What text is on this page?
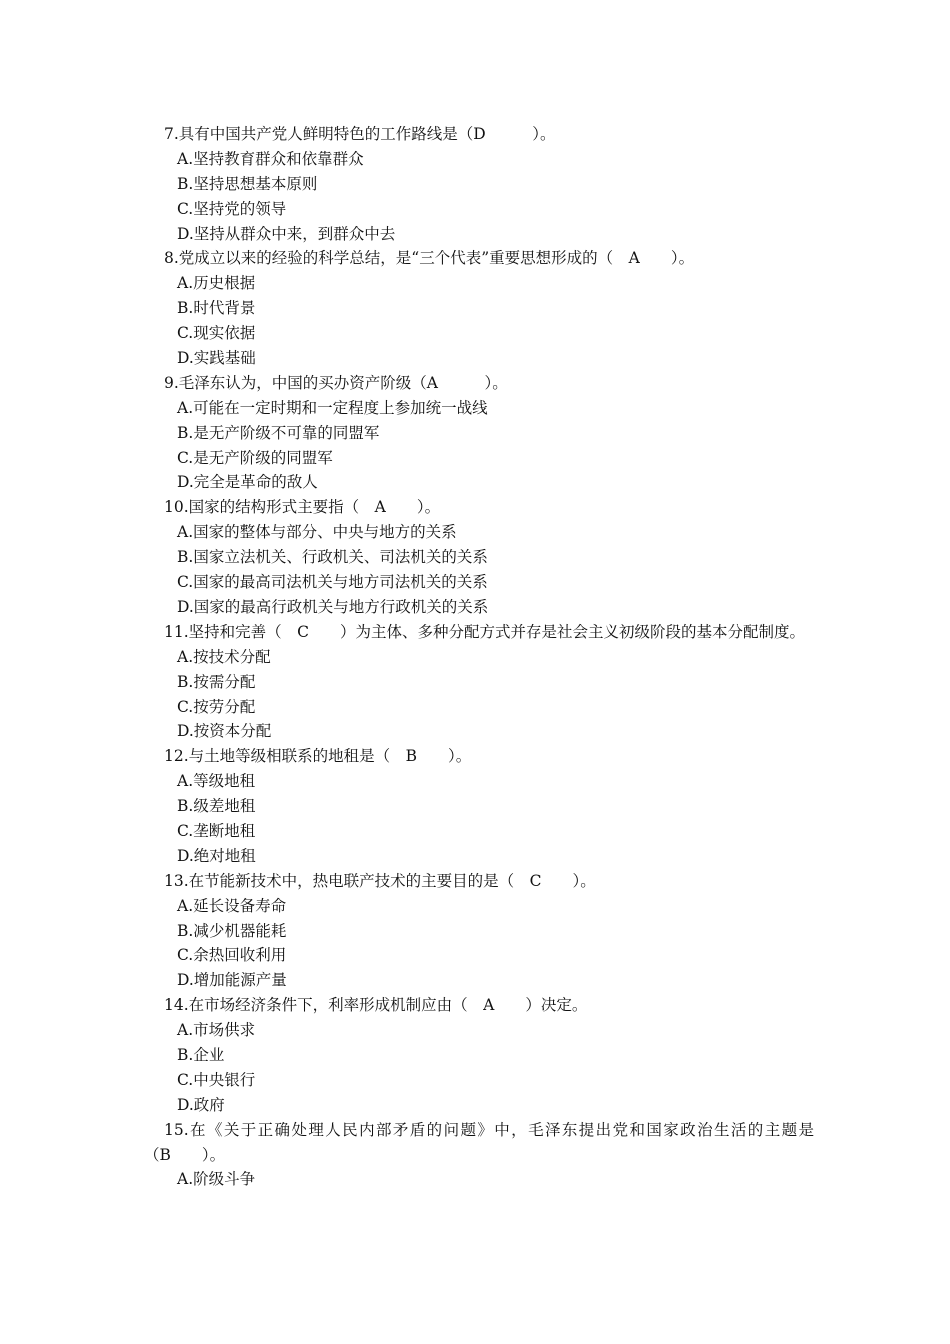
7.具有中国共产党人鲜明特色的工作路线是（D　　　）。
A.坚持教育群众和依靠群众
B.坚持思想基本原则
C.坚持党的领导
D.坚持从群众中来，到群众中去
8.党成立以来的经验的科学总结，是“三个代表”重要思想形成的（　A　　）。
A.历史根据
B.时代背景
C.现实依据
D.实践基础
9.毛泽东认为，中国的买办资产阶级（A　　　）。
A.可能在一定时期和一定程度上参加统一战线
B.是无产阶级不可靠的同盟军
C.是无产阶级的同盟军
D.完全是革命的敌人
10.国家的结构形式主要指（　A　　）。
A.国家的整体与部分、中央与地方的关系
B.国家立法机关、行政机关、司法机关的关系
C.国家的最高司法机关与地方司法机关的关系
D.国家的最高行政机关与地方行政机关的关系
11.坚持和完善（　C　　）为主体、多种分配方式并存是社会主义初级阶段的基本分配制度。
A.按技术分配
B.按需分配
C.按劳分配
D.按资本分配
12.与土地等级相联系的地租是（　B　　）。
A.等级地租
B.级差地租
C.垄断地租
D.绝对地租
13.在节能新技术中，热电联产技术的主要目的是（　C　　）。
A.延长设备寿命
B.减少机器能耗
C.余热回收利用
D.增加能源产量
14.在市场经济条件下，利率形成机制应由（　A　　）决定。
A.市场供求
B.企业
C.中央银行
D.政府
15.在《关于正确处理人民内部矛盾的问题》中，毛泽东提出党和国家政治生活的主题是（B　　）。
A.阶级斗争
